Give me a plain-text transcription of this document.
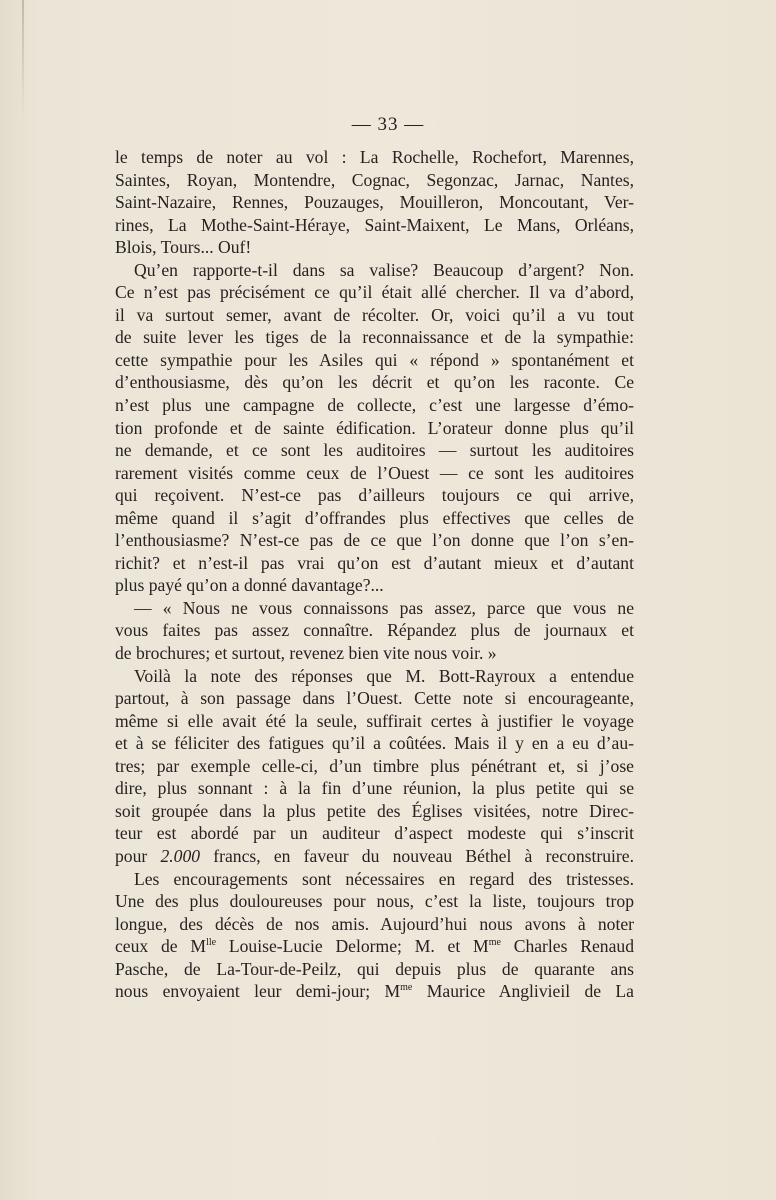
— 33 —
le temps de noter au vol : La Rochelle, Rochefort, Marennes,
Saintes, Royan, Montendre, Cognac, Segonzac, Jarnac, Nantes,
Saint-Nazaire, Rennes, Pouzauges, Mouilleron, Moncoutant, Ver-
rines, La Mothe-Saint-Héraye, Saint-Maixent, Le Mans, Orléans,
Blois, Tours... Ouf!
Qu’en rapporte-t-il dans sa valise? Beaucoup d’argent? Non.
Ce n’est pas précisément ce qu’il était allé chercher. Il va d’abord,
il va surtout semer, avant de récolter. Or, voici qu’il a vu tout
de suite lever les tiges de la reconnaissance et de la sympathie:
cette sympathie pour les Asiles qui « répond » spontanément et
d’enthousiasme, dès qu’on les décrit et qu’on les raconte. Ce
n’est plus une campagne de collecte, c’est une largesse d’émo-
tion profonde et de sainte édification. L’orateur donne plus qu’il
ne demande, et ce sont les auditoires — surtout les auditoires
rarement visités comme ceux de l’Ouest — ce sont les auditoires
qui reçoivent. N’est-ce pas d’ailleurs toujours ce qui arrive,
même quand il s’agit d’offrandes plus effectives que celles de
l’enthousiasme? N’est-ce pas de ce que l’on donne que l’on s’en-
richit? et n’est-il pas vrai qu’on est d’autant mieux et d’autant
plus payé qu’on a donné davantage?...
— « Nous ne vous connaissons pas assez, parce que vous ne
vous faites pas assez connaître. Répandez plus de journaux et
de brochures; et surtout, revenez bien vite nous voir. »
Voilà la note des réponses que M. Bott-Rayroux a entendue
partout, à son passage dans l’Ouest. Cette note si encourageante,
même si elle avait été la seule, suffirait certes à justifier le voyage
et à se féliciter des fatigues qu’il a coûtées. Mais il y en a eu d’au-
tres; par exemple celle-ci, d’un timbre plus pénétrant et, si j’ose
dire, plus sonnant : à la fin d’une réunion, la plus petite qui se
soit groupée dans la plus petite des Églises visitées, notre Direc-
teur est abordé par un auditeur d’aspect modeste qui s’inscrit
pour 2.000 francs, en faveur du nouveau Béthel à reconstruire.
Les encouragements sont nécessaires en regard des tristesses.
Une des plus douloureuses pour nous, c’est la liste, toujours trop
longue, des décès de nos amis. Aujourd’hui nous avons à noter
ceux de $M^{lle}$ Louise-Lucie Delorme; M. et $M^{me}$ Charles Renaud
Pasche, de La-Tour-de-Peilz, qui depuis plus de quarante ans
nous envoyaient leur demi-jour; $M^{me}$ Maurice Anglivieil de La
